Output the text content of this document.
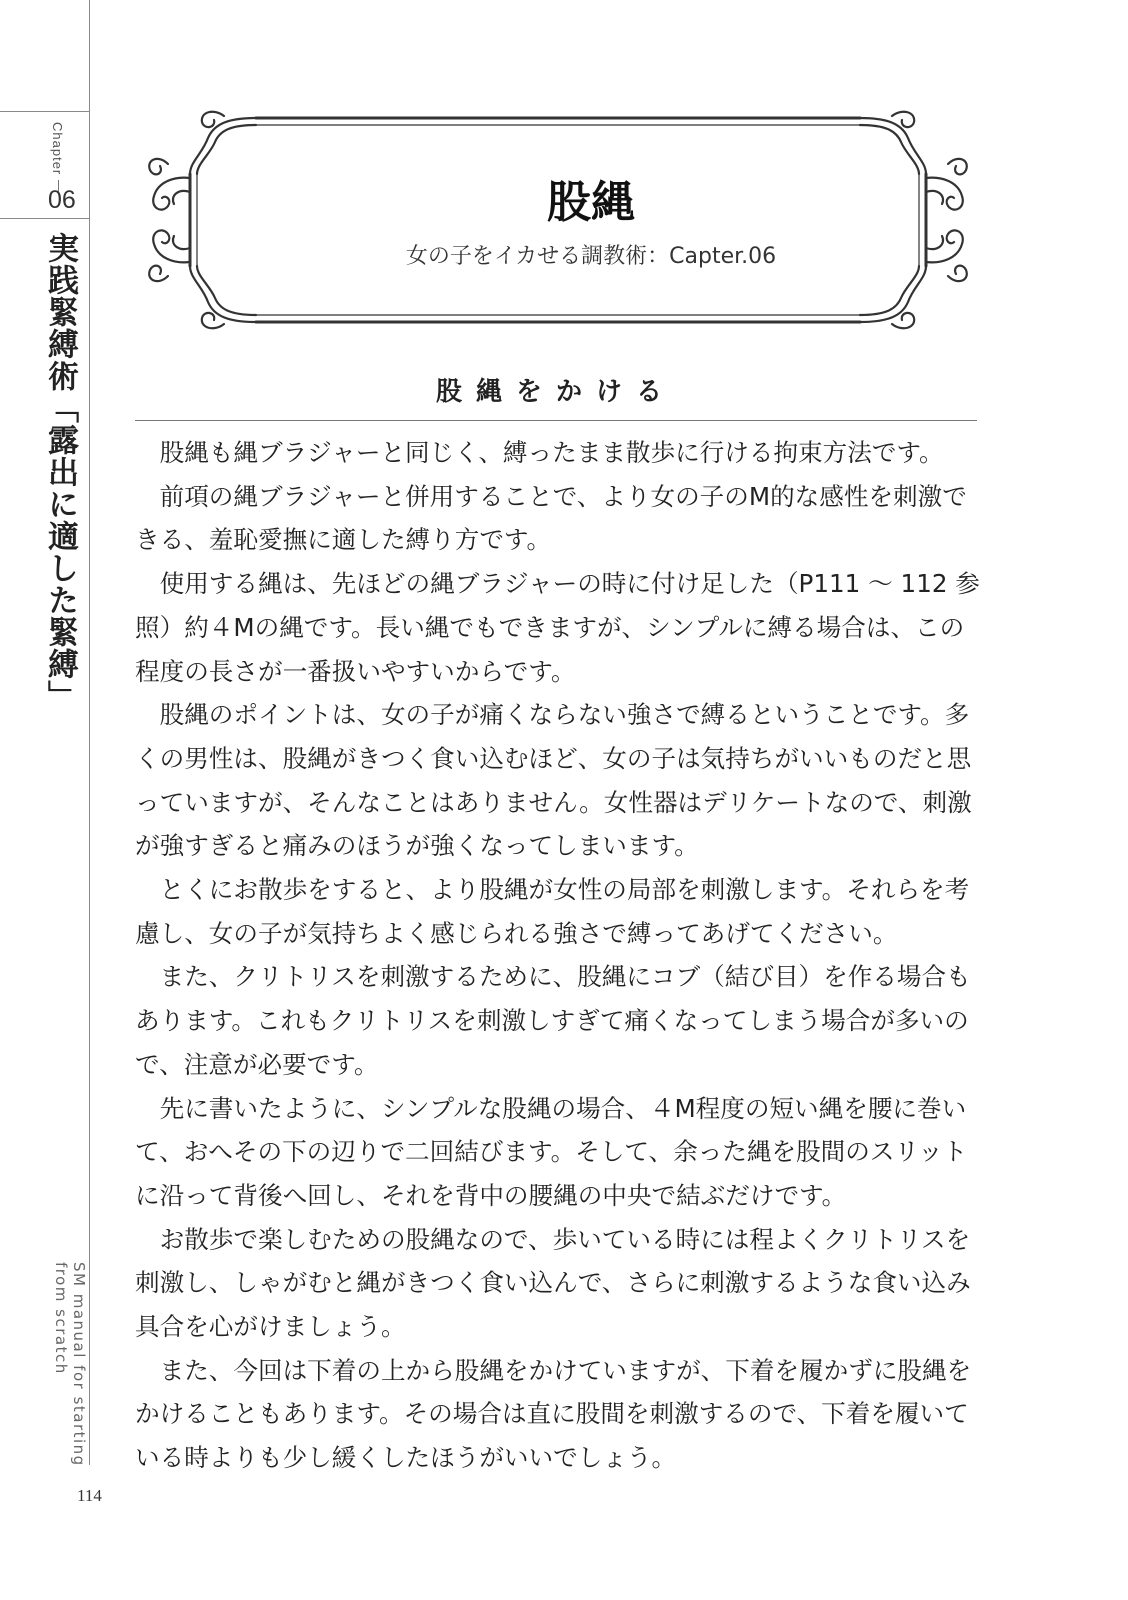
Chapter
06
実践緊縛術「露出に適した緊縛」
SM manual for starting
from scratch
股縄
女の子をイカせる調教術：Capter.06
股縄をかける

股縄も縄ブラジャーと同じく、縛ったまま散歩に行ける拘束方法です。

前項の縄ブラジャーと併用することで、より女の子のM的な感性を刺激できる、羞恥愛撫に適した縛り方です。

使用する縄は、先ほどの縄ブラジャーの時に付け足した（P111 ～ 112 参照）約４Mの縄です。長い縄でもできますが、シンプルに縛る場合は、この程度の長さが一番扱いやすいからです。

股縄のポイントは、女の子が痛くならない強さで縛るということです。多くの男性は、股縄がきつく食い込むほど、女の子は気持ちがいいものだと思っていますが、そんなことはありません。女性器はデリケートなので、刺激が強すぎると痛みのほうが強くなってしまいます。

とくにお散歩をすると、より股縄が女性の局部を刺激します。それらを考慮し、女の子が気持ちよく感じられる強さで縛ってあげてください。

また、クリトリスを刺激するために、股縄にコブ（結び目）を作る場合もあります。これもクリトリスを刺激しすぎて痛くなってしまう場合が多いので、注意が必要です。

先に書いたように、シンプルな股縄の場合、４M程度の短い縄を腰に巻いて、おへその下の辺りで二回結びます。そして、余った縄を股間のスリットに沿って背後へ回し、それを背中の腰縄の中央で結ぶだけです。

お散歩で楽しむための股縄なので、歩いている時には程よくクリトリスを刺激し、しゃがむと縄がきつく食い込んで、さらに刺激するような食い込み具合を心がけましょう。

また、今回は下着の上から股縄をかけていますが、下着を履かずに股縄をかけることもあります。その場合は直に股間を刺激するので、下着を履いている時よりも少し緩くしたほうがいいでしょう。

114
